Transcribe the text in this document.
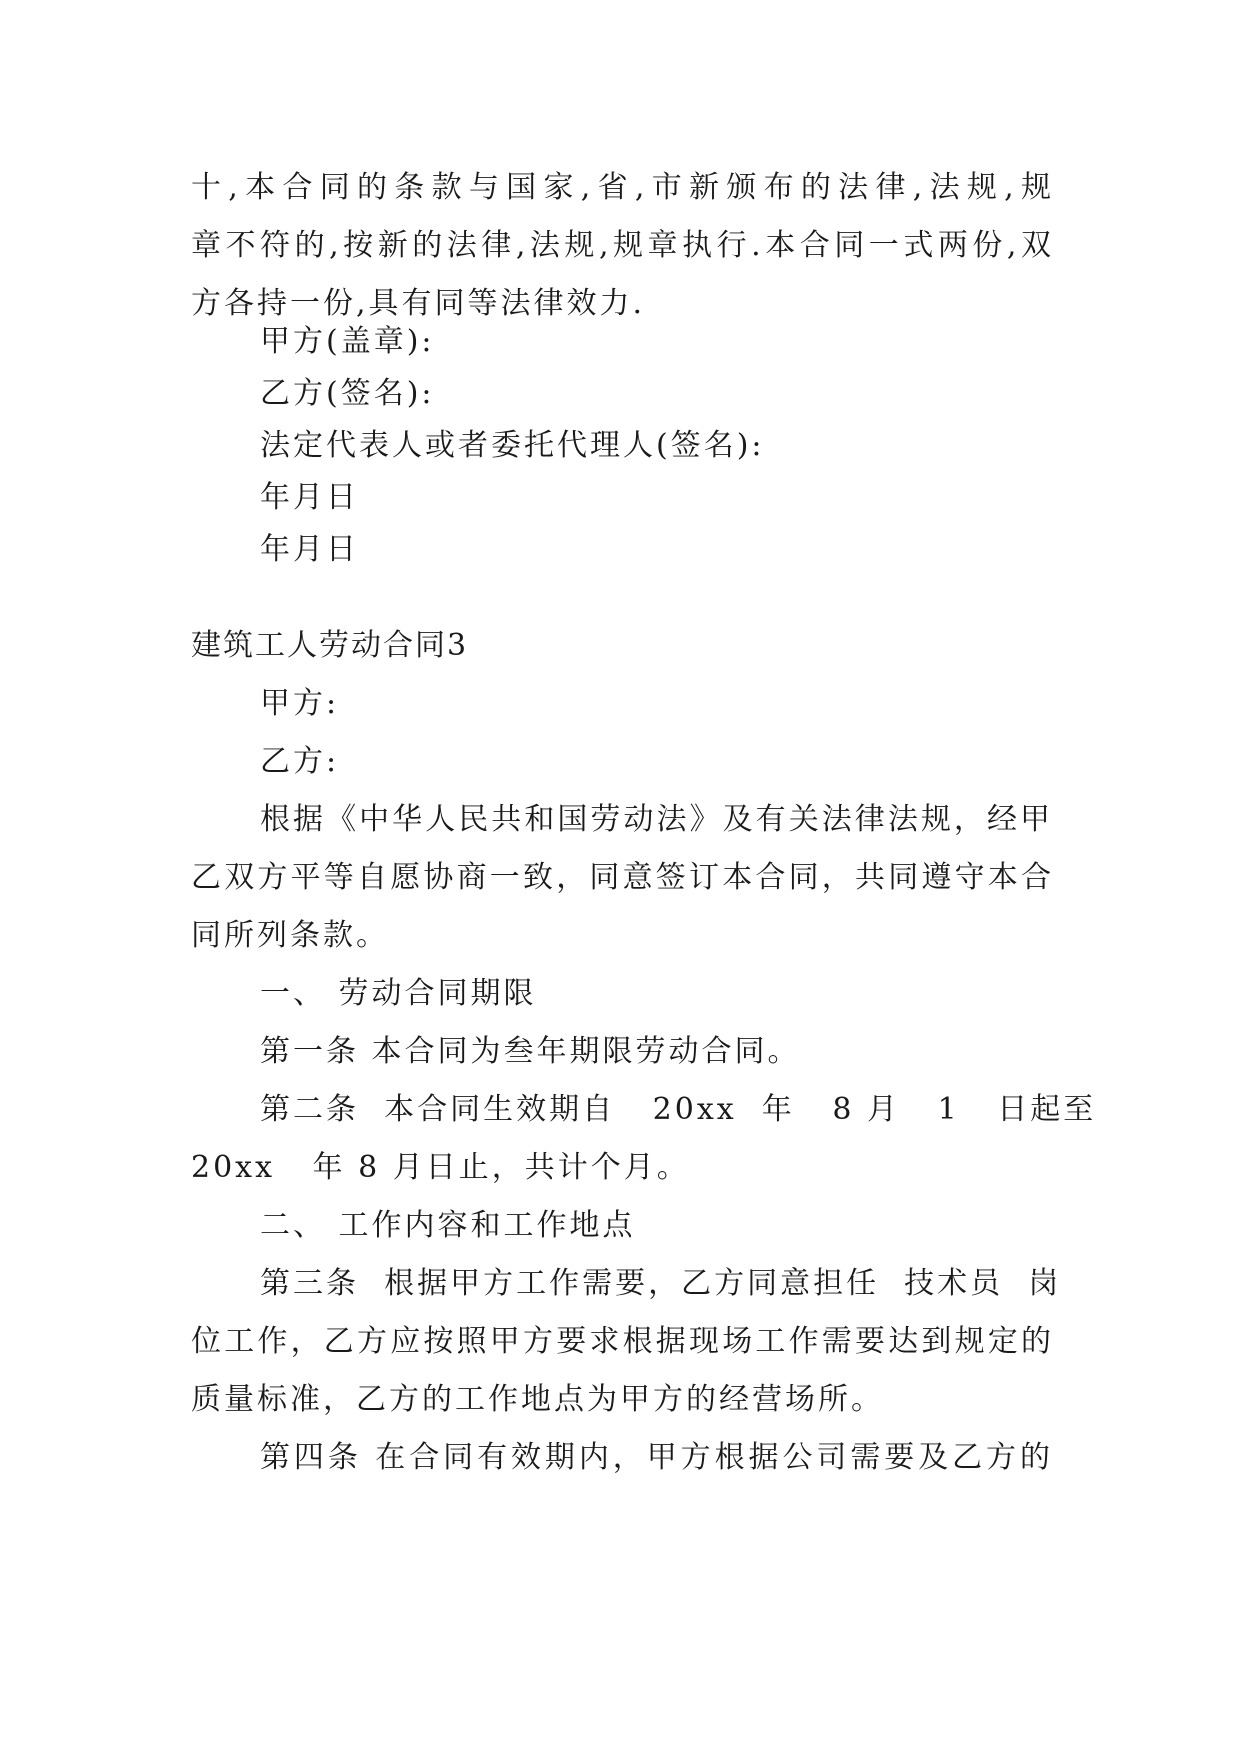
十,本合同的条款与国家,省,市新颁布的法律,法规,规

章不符的,按新的法律,法规,规章执行.本合同一式两份,双

方各持一份,具有同等法律效力.

甲方(盖章):

乙方(签名):

法定代表人或者委托代理人(签名):

年月日

年月日

建筑工人劳动合同3

甲方:

乙方:

根据《中华人民共和国劳动法》及有关法律法规，经甲

乙双方平等自愿协商一致，同意签订本合同，共同遵守本合

同所列条款。

一、 劳动合同期限

第一条 本合同为叁年期限劳动合同。

第二条  本合同生效期自   20xx  年   8 月   1   日起至

20xx   年 8 月日止，共计个月。

二、 工作内容和工作地点

第三条  根据甲方工作需要，乙方同意担任  技术员  岗

位工作，乙方应按照甲方要求根据现场工作需要达到规定的

质量标准，乙方的工作地点为甲方的经营场所。

第四条 在合同有效期内，甲方根据公司需要及乙方的
